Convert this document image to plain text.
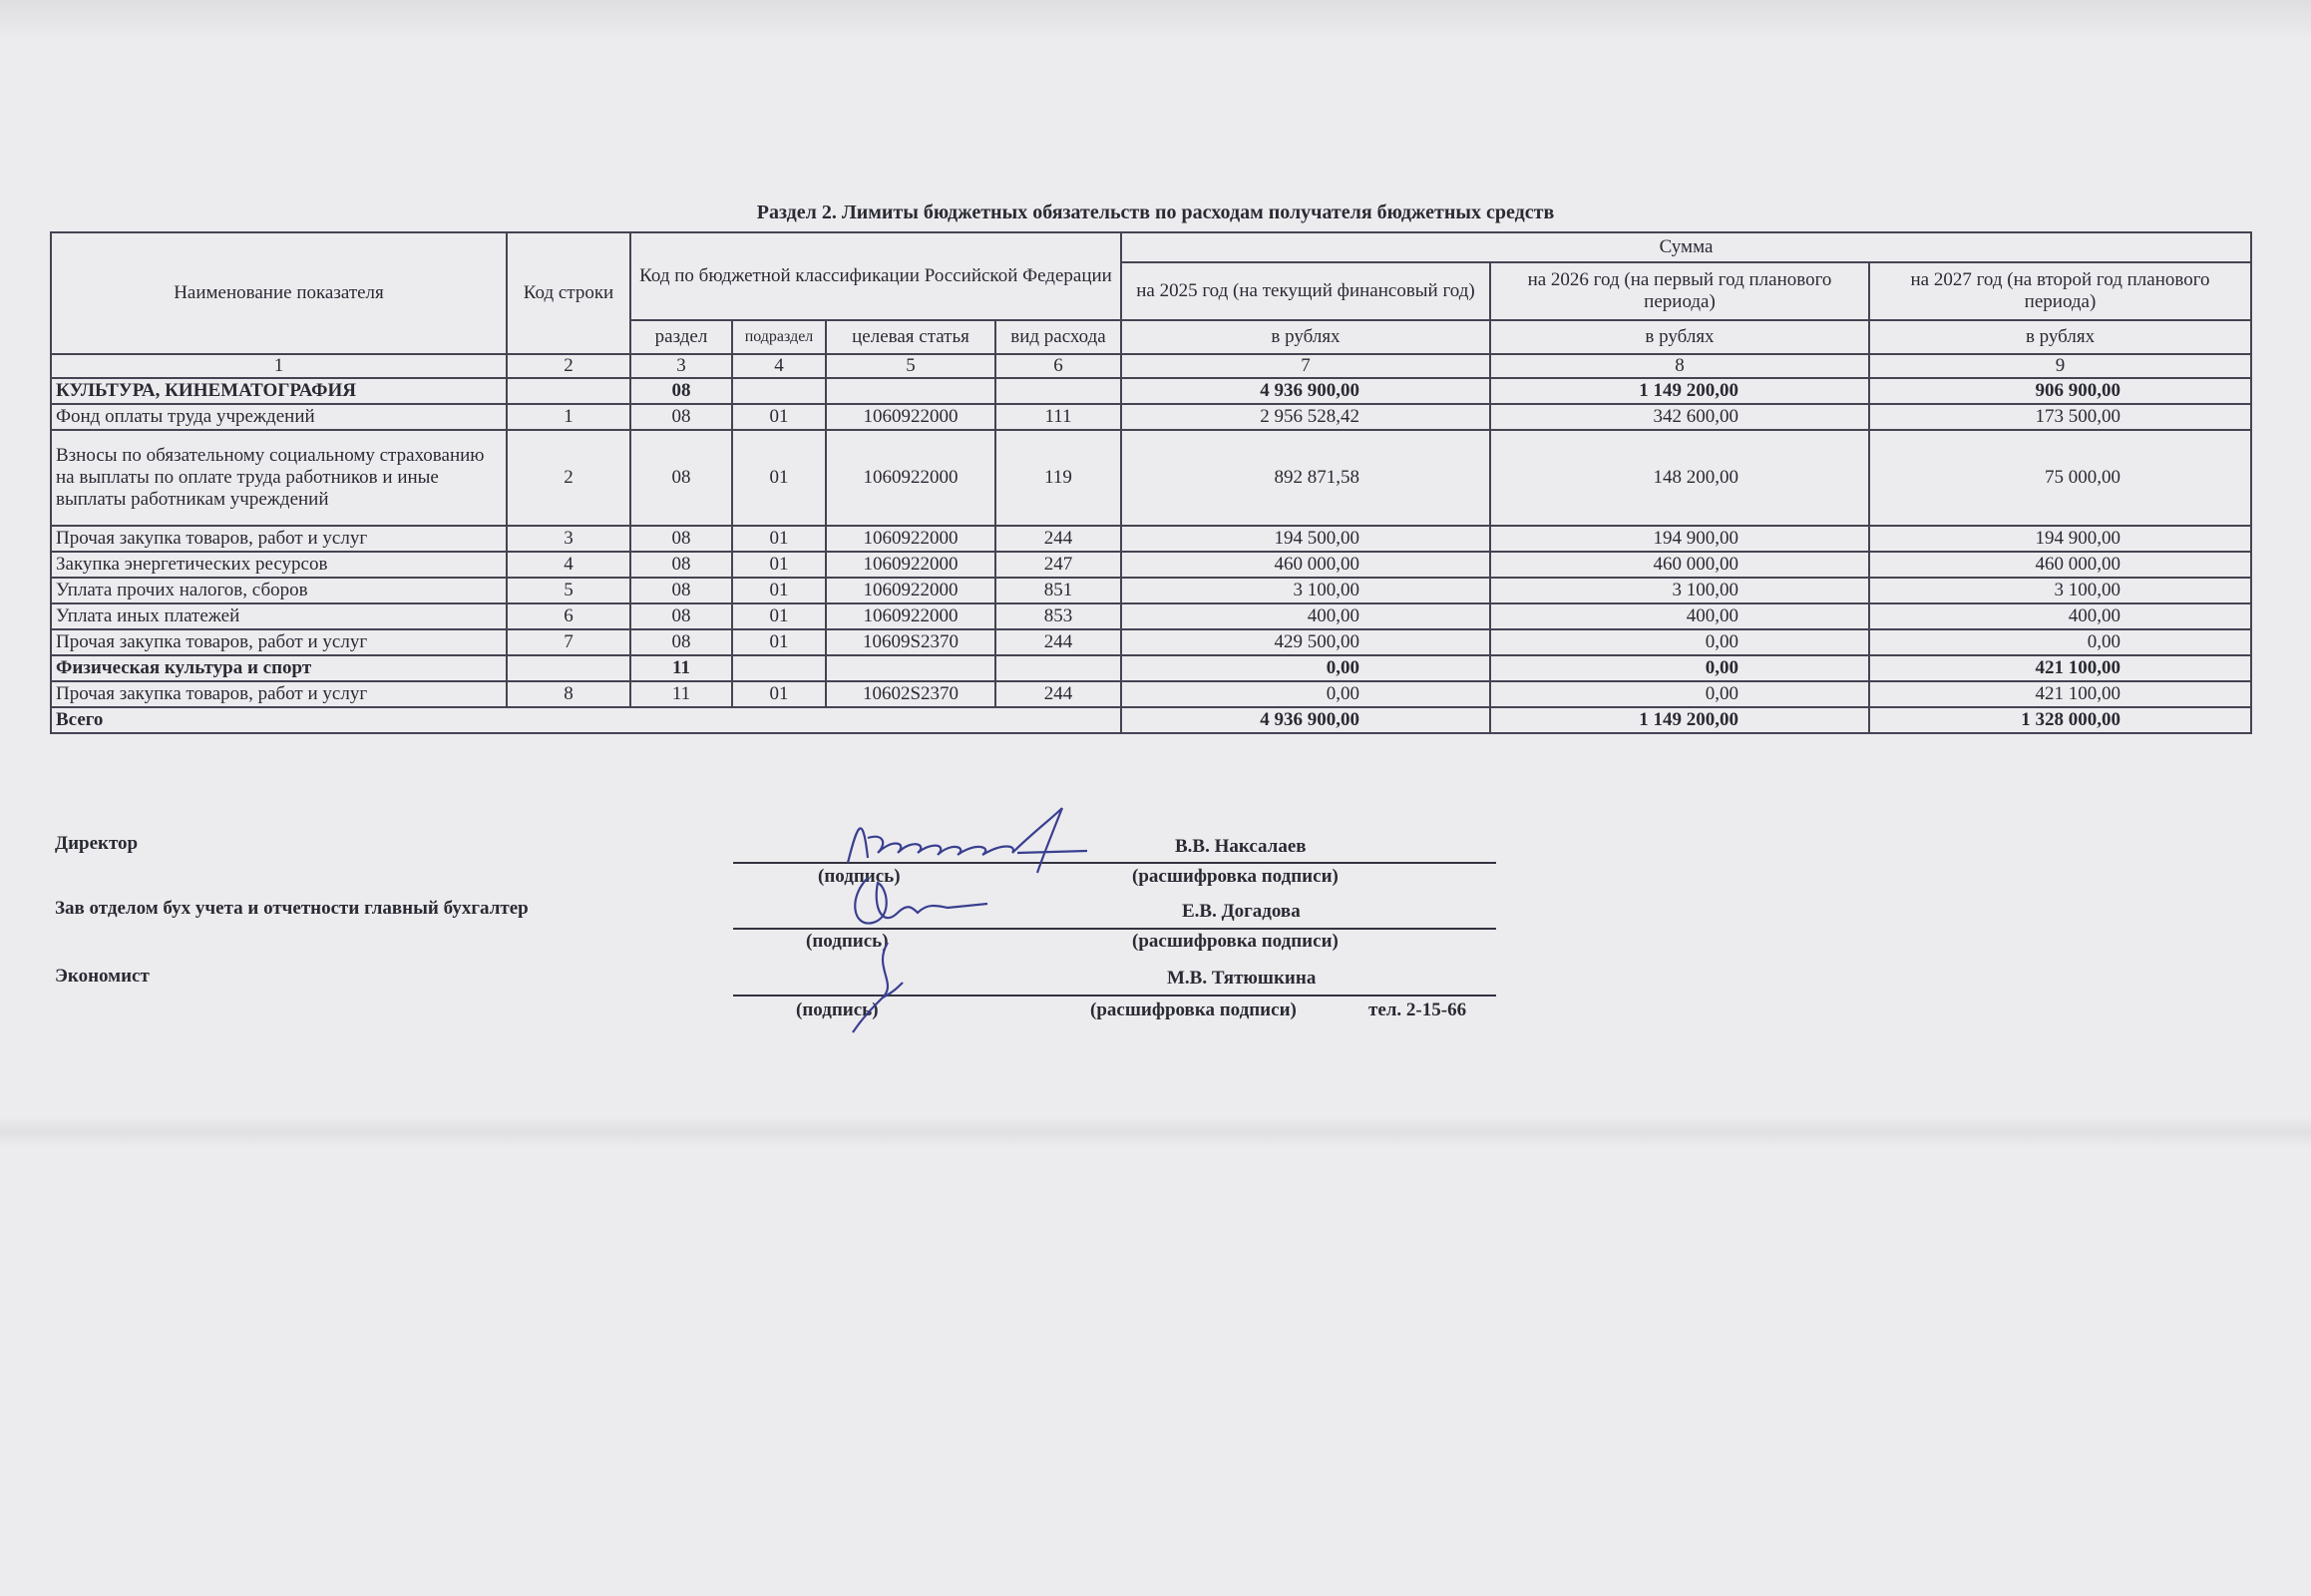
Раздел 2. Лимиты бюджетных обязательств по расходам получателя бюджетных средств
Наименование показателя	Код строки	Код по бюджетной классификации Российской Федерации				Сумма		
						на 2025 год (на текущий финансовый год)	на 2026 год (на первый год планового периода)	на 2027 год (на второй год планового периода)
		раздел	подраздел	целевая статья	вид расхода	в рублях	в рублях	в рублях
1	2	3	4	5	6	7	8	9
КУЛЬТУРА, КИНЕМАТОГРАФИЯ		08				4 936 900,00	1 149 200,00	906 900,00
Фонд оплаты труда учреждений	1	08	01	1060922000	111	2 956 528,42	342 600,00	173 500,00
Взносы по обязательному социальному страхованию на выплаты по оплате труда работников и иные выплаты работникам учреждений	2	08	01	1060922000	119	892 871,58	148 200,00	75 000,00
Прочая закупка товаров, работ и услуг	3	08	01	1060922000	244	194 500,00	194 900,00	194 900,00
Закупка энергетических ресурсов	4	08	01	1060922000	247	460 000,00	460 000,00	460 000,00
Уплата прочих налогов, сборов	5	08	01	1060922000	851	3 100,00	3 100,00	3 100,00
Уплата иных платежей	6	08	01	1060922000	853	400,00	400,00	400,00
Прочая закупка товаров, работ и услуг	7	08	01	10609S2370	244	429 500,00	0,00	0,00
Физическая культура и спорт		11				0,00	0,00	421 100,00
Прочая закупка товаров, работ и услуг	8	11	01	10602S2370	244	0,00	0,00	421 100,00
Всего						4 936 900,00	1 149 200,00	1 328 000,00
Директор	В.В. Наксалаев
(подпись)	(расшифровка подписи)
Зав отделом бух учета и отчетности главный бухгалтер	Е.В. Догадова
(подпись)	(расшифровка подписи)
Экономист	М.В. Тятюшкина
(подпись)	(расшифровка подписи)	тел. 2-15-66
